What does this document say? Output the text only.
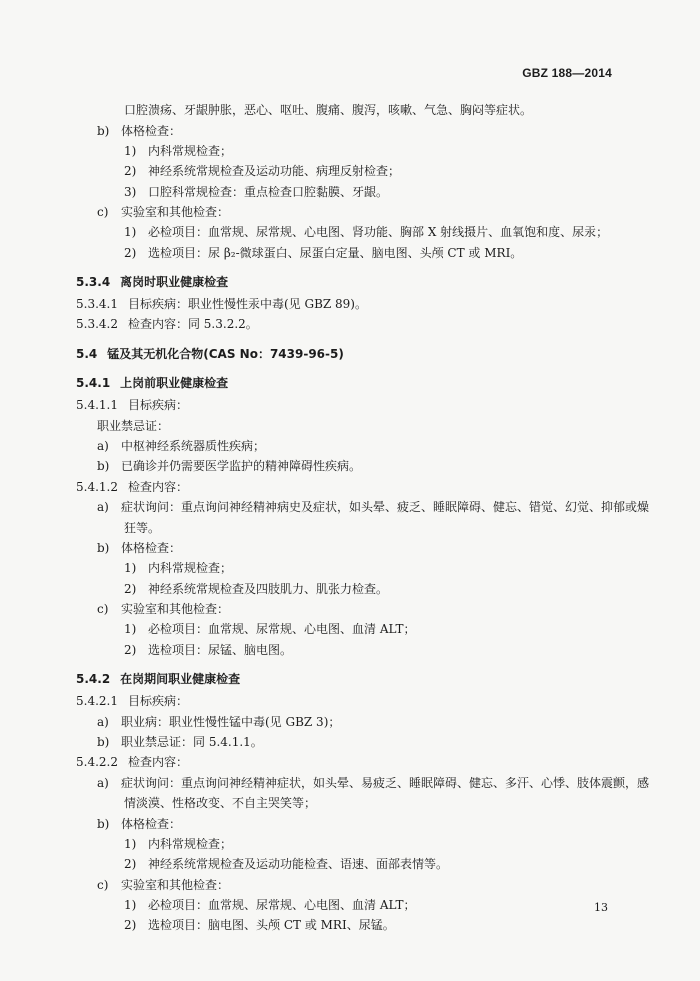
GBZ 188—2014
口腔溃疡、牙龈肿胀，恶心、呕吐、腹痛、腹泻，咳嗽、气急、胸闷等症状。
b) 体格检查：
1) 内科常规检查；
2) 神经系统常规检查及运动功能、病理反射检查；
3) 口腔科常规检查：重点检查口腔黏膜、牙龈。
c) 实验室和其他检查：
1) 必检项目：血常规、尿常规、心电图、肾功能、胸部 X 射线摄片、血氧饱和度、尿汞；
2) 选检项目：尿 β₂-微球蛋白、尿蛋白定量、脑电图、头颅 CT 或 MRI。
5.3.4 离岗时职业健康检查
5.3.4.1 目标疾病：职业性慢性汞中毒(见 GBZ 89)。
5.3.4.2 检查内容：同 5.3.2.2。
5.4 锰及其无机化合物(CAS No：7439-96-5)
5.4.1 上岗前职业健康检查
5.4.1.1 目标疾病：
职业禁忌证：
a) 中枢神经系统器质性疾病；
b) 已确诊并仍需要医学监护的精神障碍性疾病。
5.4.1.2 检查内容：
a) 症状询问：重点询问神经精神病史及症状，如头晕、疲乏、睡眠障碍、健忘、错觉、幻觉、抑郁或燥
狂等。
b) 体格检查：
1) 内科常规检查；
2) 神经系统常规检查及四肢肌力、肌张力检查。
c) 实验室和其他检查：
1) 必检项目：血常规、尿常规、心电图、血清 ALT；
2) 选检项目：尿锰、脑电图。
5.4.2 在岗期间职业健康检查
5.4.2.1 目标疾病：
a) 职业病：职业性慢性锰中毒(见 GBZ 3)；
b) 职业禁忌证：同 5.4.1.1。
5.4.2.2 检查内容：
a) 症状询问：重点询问神经精神症状，如头晕、易疲乏、睡眠障碍、健忘、多汗、心悸、肢体震颤，感
情淡漠、性格改变、不自主哭笑等；
b) 体格检查：
1) 内科常规检查；
2) 神经系统常规检查及运动功能检查、语速、面部表情等。
c) 实验室和其他检查：
1) 必检项目：血常规、尿常规、心电图、血清 ALT；
2) 选检项目：脑电图、头颅 CT 或 MRI、尿锰。
13
